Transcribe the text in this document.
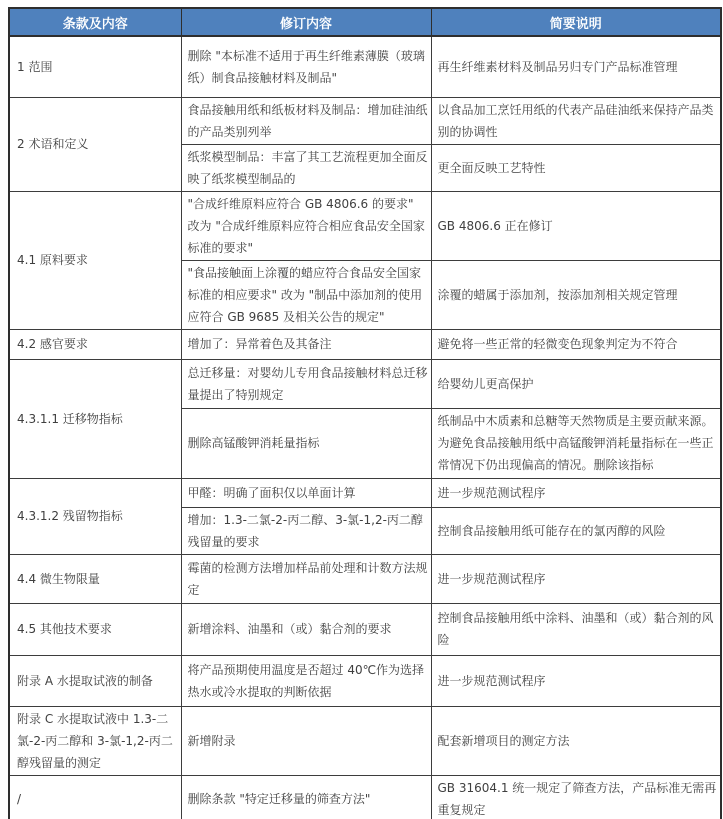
条款及内容	修订内容	简要说明
1 范围	删除 "本标准不适用于再生纤维素薄膜（玻璃纸）制食品接触材料及制品"	再生纤维素材料及制品另归专门产品标准管理
2 术语和定义	食品接触用纸和纸板材料及制品：增加硅油纸的产品类别列举	以食品加工烹饪用纸的代表产品硅油纸来保持产品类别的协调性
	纸浆模型制品：丰富了其工艺流程更加全面反映了纸浆模型制品的	更全面反映工艺特性
4.1 原料要求	"合成纤维原料应符合 GB 4806.6 的要求" 改为 "合成纤维原料应符合相应食品安全国家标准的要求"	GB 4806.6 正在修订
	"食品接触面上涂覆的蜡应符合食品安全国家标准的相应要求" 改为 "制品中添加剂的使用应符合 GB 9685 及相关公告的规定"	涂覆的蜡属于添加剂，按添加剂相关规定管理
4.2 感官要求	增加了：异常着色及其备注	避免将一些正常的轻微变色现象判定为不符合
4.3.1.1 迁移物指标	总迁移量：对婴幼儿专用食品接触材料总迁移量提出了特别规定	给婴幼儿更高保护
	删除高锰酸钾消耗量指标	纸制品中木质素和总糖等天然物质是主要贡献来源。为避免食品接触用纸中高锰酸钾消耗量指标在一些正常情况下仍出现偏高的情况。删除该指标
4.3.1.2 残留物指标	甲醛：明确了面积仅以单面计算	进一步规范测试程序
	增加：1.3-二氯-2-丙二醇、3-氯-1,2-丙二醇残留量的要求	控制食品接触用纸可能存在的氯丙醇的风险
4.4 微生物限量	霉菌的检测方法增加样品前处理和计数方法规定	进一步规范测试程序
4.5 其他技术要求	新增涂料、油墨和（或）黏合剂的要求	控制食品接触用纸中涂料、油墨和（或）黏合剂的风险
附录 A 水提取试液的制备	将产品预期使用温度是否超过 40℃作为选择热水或冷水提取的判断依据	进一步规范测试程序
附录 C 水提取试液中 1.3-二氯-2-丙二醇和 3-氯-1,2-丙二醇残留量的测定	新增附录	配套新增项目的测定方法
/	删除条款 "特定迁移量的筛查方法"	GB 31604.1 统一规定了筛查方法，产品标准无需再重复规定
